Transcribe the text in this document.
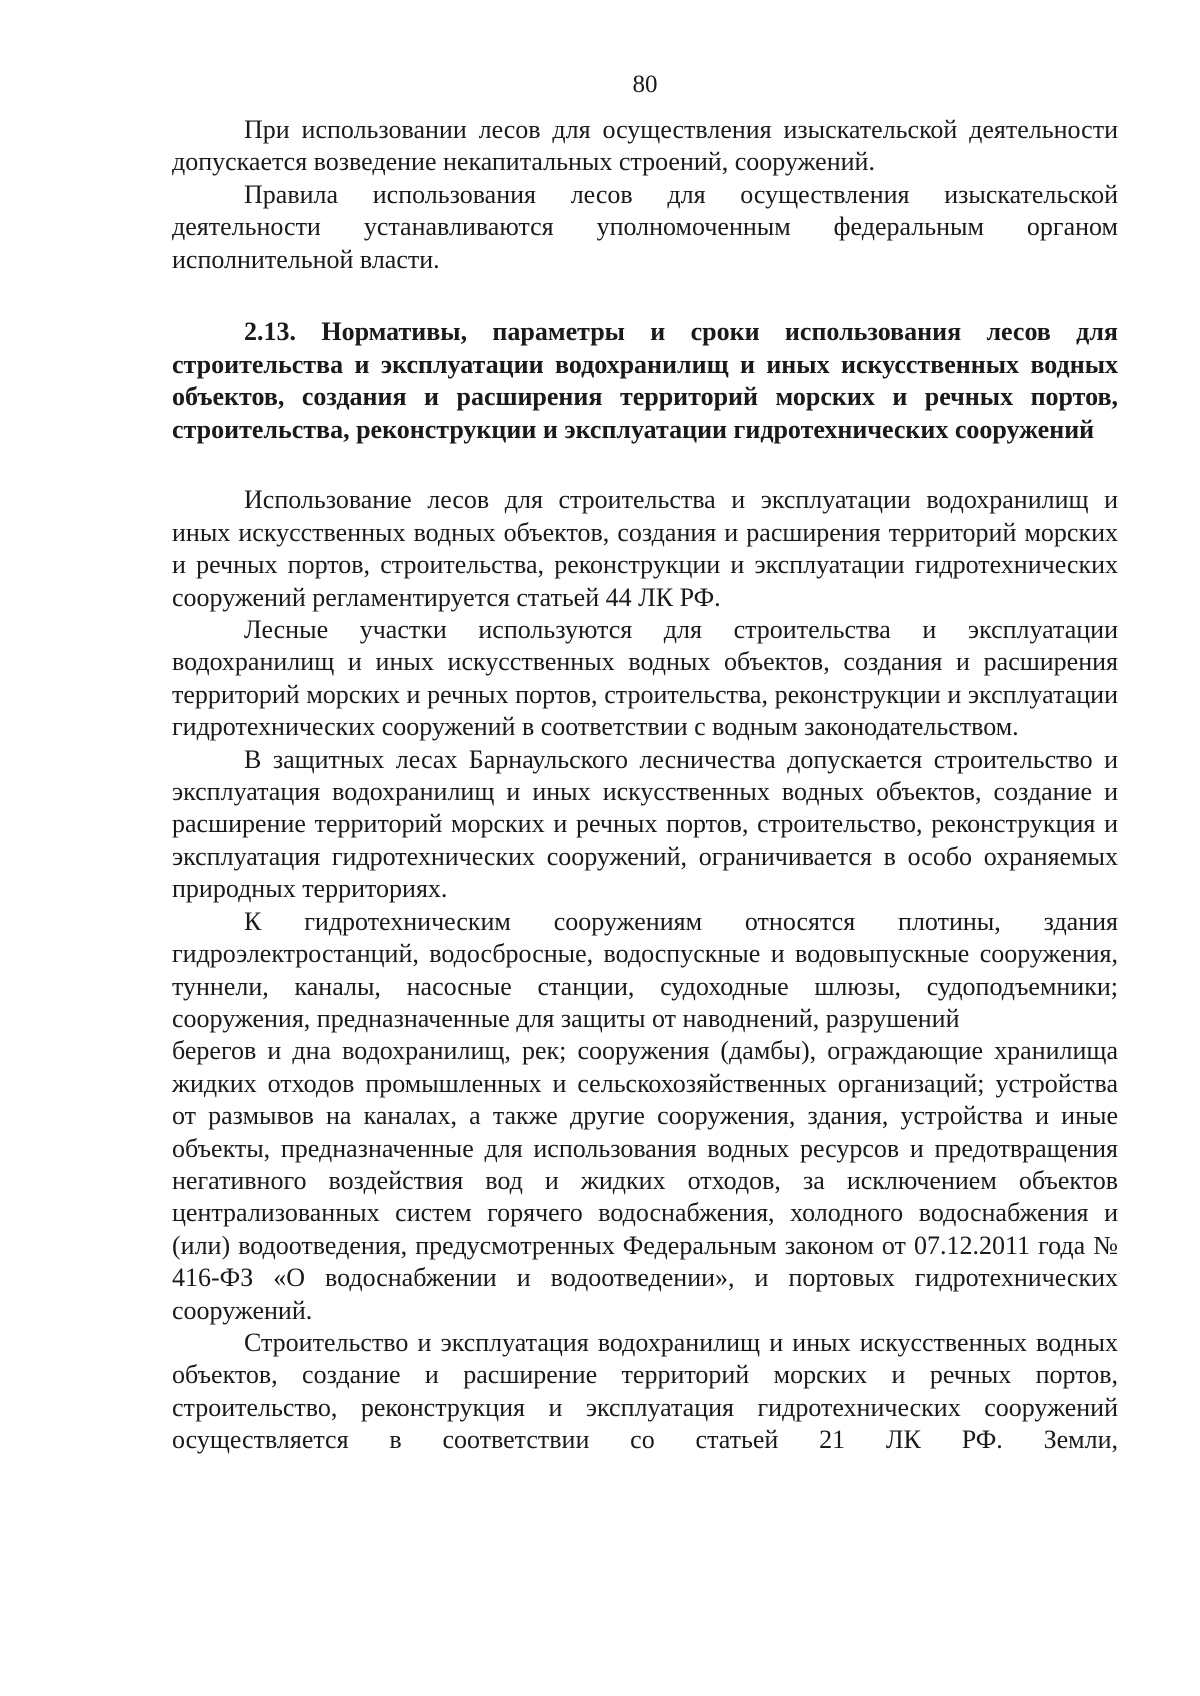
80

При использовании лесов для осуществления изыскательской деятельности допускается возведение некапитальных строений, сооружений.

Правила использования лесов для осуществления изыскательской деятельности устанавливаются уполномоченным федеральным органом исполнительной власти.

2.13. Нормативы, параметры и сроки использования лесов для строительства и эксплуатации водохранилищ и иных искусственных водных объектов, создания и расширения территорий морских и речных портов, строительства, реконструкции и эксплуатации гидротехнических сооружений

Использование лесов для строительства и эксплуатации водохранилищ и иных искусственных водных объектов, создания и расширения территорий морских и речных портов, строительства, реконструкции и эксплуатации гидротехнических сооружений регламентируется статьей 44 ЛК РФ.

Лесные участки используются для строительства и эксплуатации водохранилищ и иных искусственных водных объектов, создания и расширения территорий морских и речных портов, строительства, реконструкции и эксплуатации гидротехнических сооружений в соответствии с водным законодательством.

В защитных лесах Барнаульского лесничества допускается строительство и эксплуатация водохранилищ и иных искусственных водных объектов, создание и расширение территорий морских и речных портов, строительство, реконструкция и эксплуатация гидротехнических сооружений, ограничивается в особо охраняемых природных территориях.

К гидротехническим сооружениям относятся плотины, здания гидроэлектростанций, водосбросные, водоспускные и водовыпускные сооружения, туннели, каналы, насосные станции, судоходные шлюзы, судоподъемники; сооружения, предназначенные для защиты от наводнений, разрушений

берегов и дна водохранилищ, рек; сооружения (дамбы), ограждающие хранилища жидких отходов промышленных и сельскохозяйственных организаций; устройства от размывов на каналах, а также другие сооружения, здания, устройства и иные объекты, предназначенные для использования водных ресурсов и предотвращения негативного воздействия вод и жидких отходов, за исключением объектов централизованных систем горячего водоснабжения, холодного водоснабжения и (или) водоотведения, предусмотренных Федеральным законом от 07.12.2011 года № 416-ФЗ «О водоснабжении и водоотведении», и портовых гидротехнических сооружений.

Строительство и эксплуатация водохранилищ и иных искусственных водных объектов, создание и расширение территорий морских и речных портов, строительство, реконструкция и эксплуатация гидротехнических сооружений осуществляется в соответствии со статьей 21 ЛК РФ. Земли,
